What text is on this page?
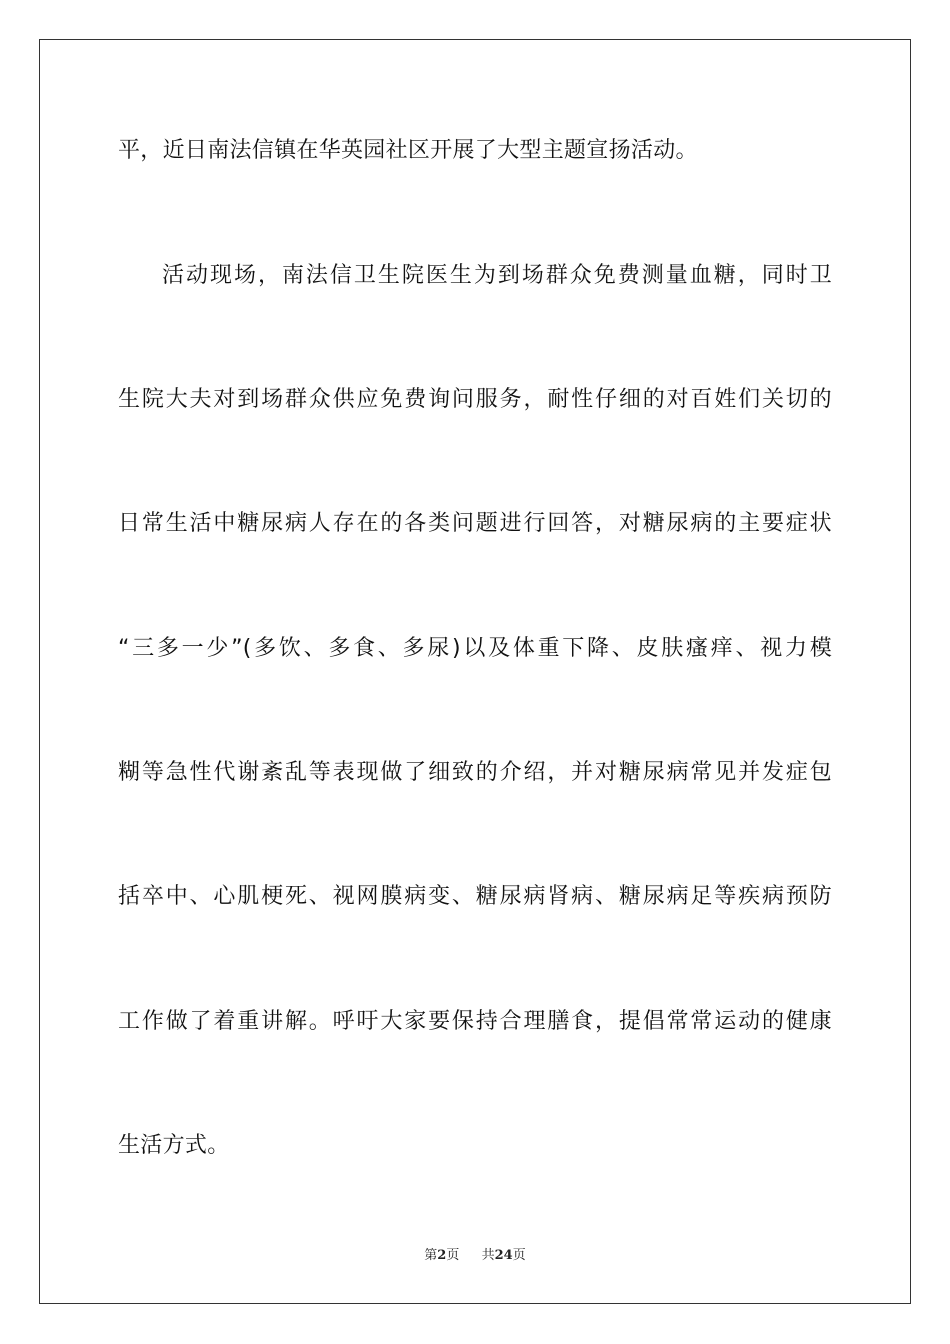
平，近日南法信镇在华英园社区开展了大型主题宣扬活动。
活动现场，南法信卫生院医生为到场群众免费测量血糖，同时卫
生院大夫对到场群众供应免费询问服务，耐性仔细的对百姓们关切的
日常生活中糖尿病人存在的各类问题进行回答，对糖尿病的主要症状
“三多一少”(多饮、多食、多尿)以及体重下降、皮肤瘙痒、视力模
糊等急性代谢紊乱等表现做了细致的介绍，并对糖尿病常见并发症包
括卒中、心肌梗死、视网膜病变、糖尿病肾病、糖尿病足等疾病预防
工作做了着重讲解。呼吁大家要保持合理膳食，提倡常常运动的健康
生活方式。
第2页 共24页
